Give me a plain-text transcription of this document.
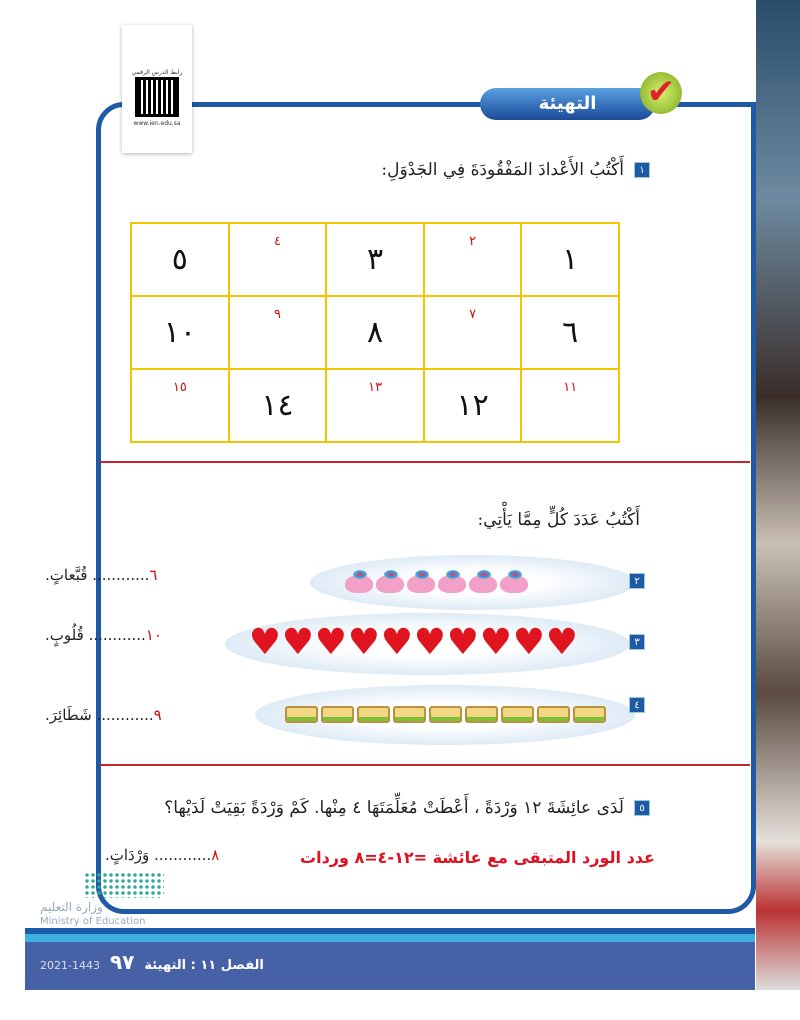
رابط الدرس الرقمي
www.ien.edu.sa
التهيئة	✔
١
أَكْتُبُ الأَعْدادَ المَفْقُودَةَ فِي الجَدْوَلِ:
١	٢	٣	٤	٥
٦	٧	٨	٩	١٠
١١	١٢	١٣	١٤	١٥
أَكْتُبُ عَدَدَ كُلٍّ مِمَّا يَأْتِي:
٢
٦............ قُبَّعاتٍ.
♥
♥
♥
♥
♥
♥
♥
♥
♥
♥	٣
١٠............ قُلُوبٍ.
٤
٩............ شَطَائِرَ.
٥
لَدَى عائِشَةَ ١٢ وَرْدَةً ، أَعْطَتْ مُعَلِّمَتَهَا ٤ مِنْها. كَمْ وَرْدَةً بَقِيَتْ لَدَيْها؟
٨............ وَرْدَاتٍ.	عدد الورد المتبقى مع عائشة =١٢-٤=٨ وردات
وزارة التعليم
Ministry of Education
2021-1443 ٩٧ الفصل ١١ : التهيئة
